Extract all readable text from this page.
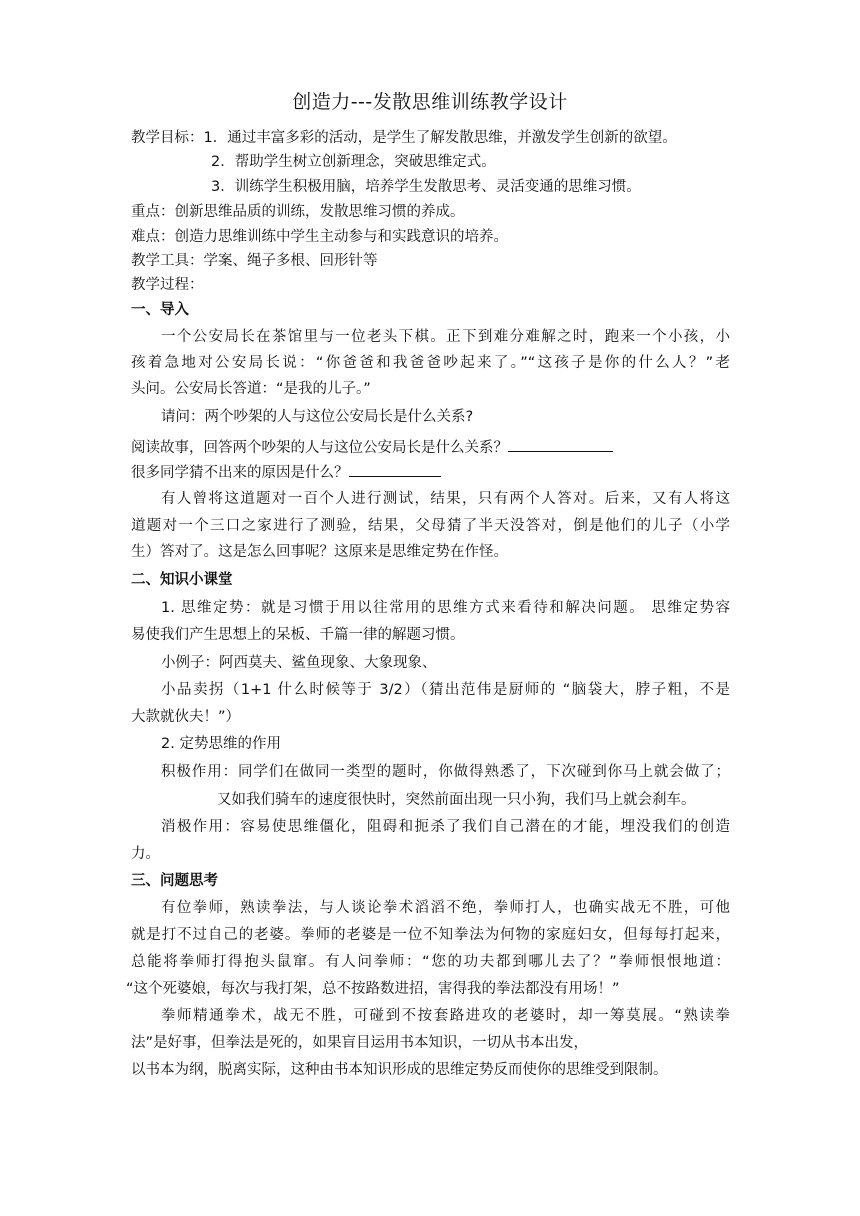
创造力---发散思维训练教学设计
教学目标：1．通过丰富多彩的活动，是学生了解发散思维，并激发学生创新的欲望。
2．帮助学生树立创新理念，突破思维定式。
3．训练学生积极用脑，培养学生发散思考、灵活变通的思维习惯。
重点：创新思维品质的训练，发散思维习惯的养成。
难点：创造力思维训练中学生主动参与和实践意识的培养。
教学工具：学案、绳子多根、回形针等
教学过程：
一、导入
一个公安局长在茶馆里与一位老头下棋。正下到难分难解之时，跑来一个小孩，小
孩着急地对公安局长说：“你爸爸和我爸爸吵起来了。”“这孩子是你的什么人？”老
头问。公安局长答道：“是我的儿子。”
请问：两个吵架的人与这位公安局长是什么关系?
阅读故事，回答两个吵架的人与这位公安局长是什么关系？
很多同学猜不出来的原因是什么？
有人曾将这道题对一百个人进行测试，结果，只有两个人答对。后来，又有人将这
道题对一个三口之家进行了测验，结果，父母猜了半天没答对，倒是他们的儿子（小学
生）答对了。这是怎么回事呢？这原来是思维定势在作怪。
二、知识小课堂
1. 思维定势：就是习惯于用以往常用的思维方式来看待和解决问题。 思维定势容
易使我们产生思想上的呆板、千篇一律的解题习惯。
小例子：阿西莫夫、鲨鱼现象、大象现象、
小品卖拐（1+1 什么时候等于 3/2）（猜出范伟是厨师的 “脑袋大，脖子粗，不是
大款就伙夫！”）
2. 定势思维的作用
积极作用：同学们在做同一类型的题时，你做得熟悉了，下次碰到你马上就会做了；
又如我们骑车的速度很快时，突然前面出现一只小狗，我们马上就会刹车。
消极作用：容易使思维僵化，阻碍和扼杀了我们自己潜在的才能，埋没我们的创造
力。
三、问题思考
有位拳师，熟读拳法，与人谈论拳术滔滔不绝，拳师打人，也确实战无不胜，可他
就是打不过自己的老婆。拳师的老婆是一位不知拳法为何物的家庭妇女，但每每打起来，
总能将拳师打得抱头鼠窜。有人问拳师：“您的功夫都到哪儿去了？”拳师恨恨地道：
“这个死婆娘，每次与我打架，总不按路数进招，害得我的拳法都没有用场！”
拳师精通拳术，战无不胜，可碰到不按套路进攻的老婆时，却一筹莫展。“熟读拳
法”是好事，但拳法是死的，如果盲目运用书本知识，一切从书本出发，
以书本为纲，脱离实际，这种由书本知识形成的思维定势反而使你的思维受到限制。
